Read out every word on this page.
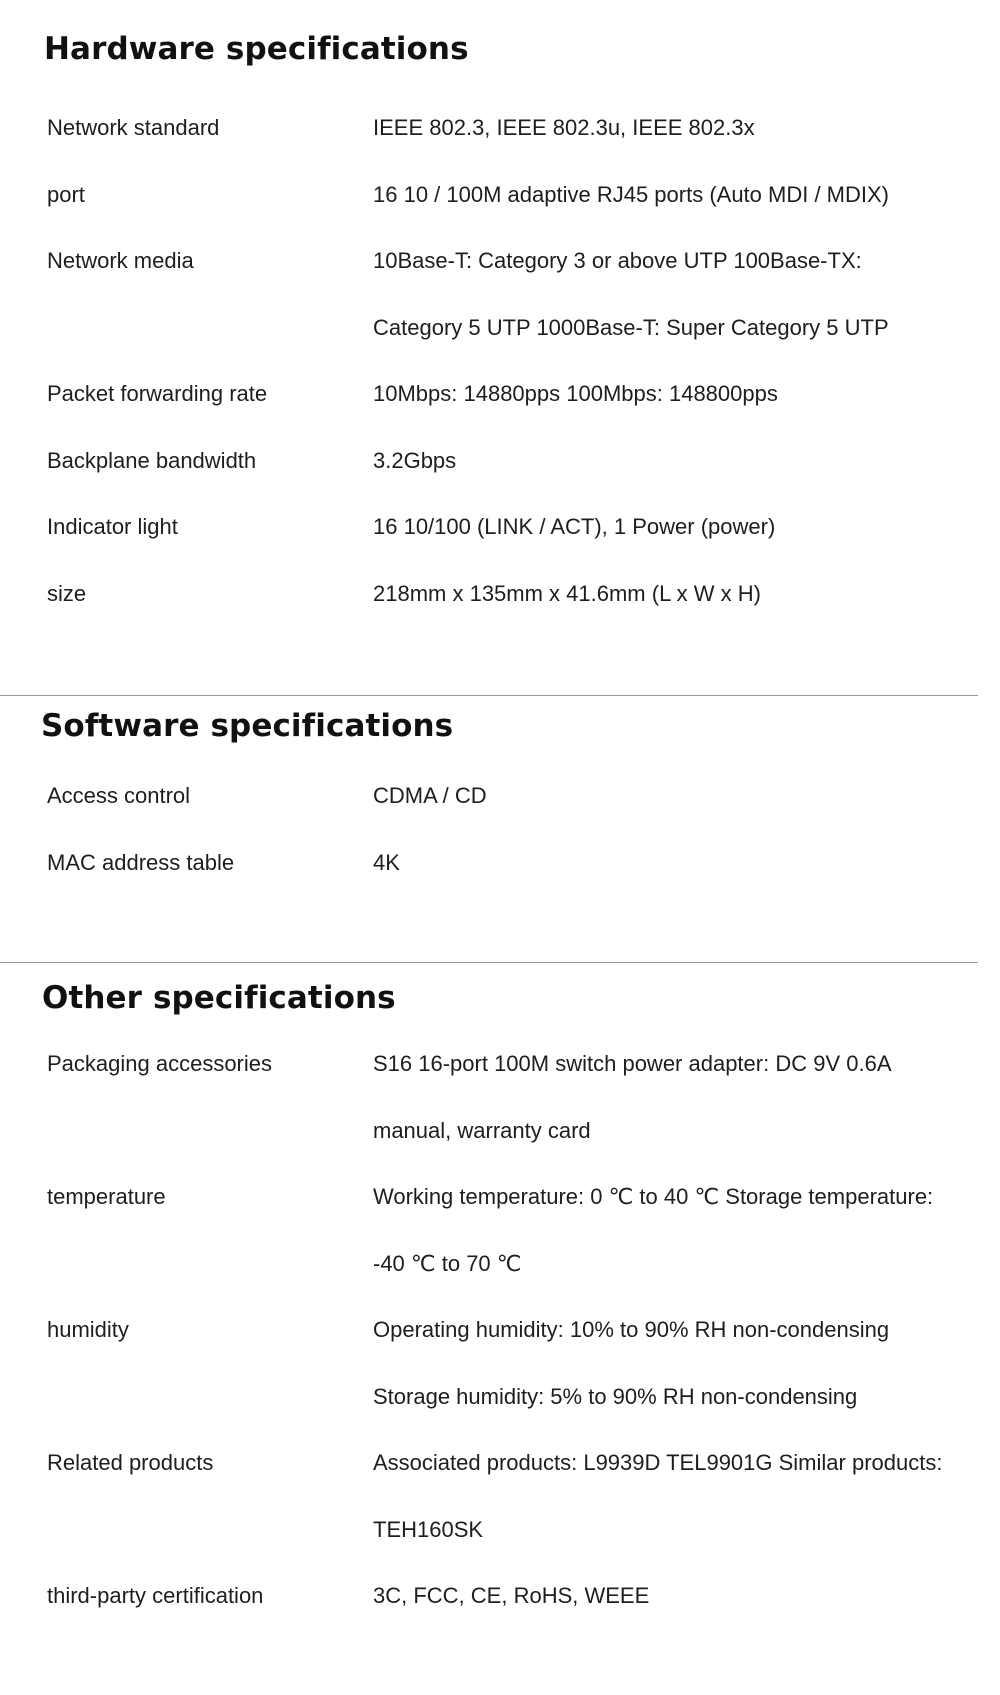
Hardware specifications
Network standard	IEEE 802.3, IEEE 802.3u, IEEE 802.3x
port	16 10 / 100M adaptive RJ45 ports (Auto MDI / MDIX)
Network media	10Base-T: Category 3 or above UTP 100Base-TX:
Category 5 UTP 1000Base-T: Super Category 5 UTP
Packet forwarding rate	10Mbps: 14880pps 100Mbps: 148800pps
Backplane bandwidth	3.2Gbps
Indicator light	16 10/100 (LINK / ACT), 1 Power (power)
size	218mm x 135mm x 41.6mm (L x W x H)
Software specifications
Access control	CDMA / CD
MAC address table	4K
Other specifications
Packaging accessories	S16 16-port 100M switch power adapter: DC 9V 0.6A
manual, warranty card
temperature	Working temperature: 0 ℃ to 40 ℃ Storage temperature:
-40 ℃ to 70 ℃
humidity	Operating humidity: 10% to 90% RH non-condensing
Storage humidity: 5% to 90% RH non-condensing
Related products	Associated products: L9939D TEL9901G Similar products:
TEH160SK
third-party certification	3C, FCC, CE, RoHS, WEEE
